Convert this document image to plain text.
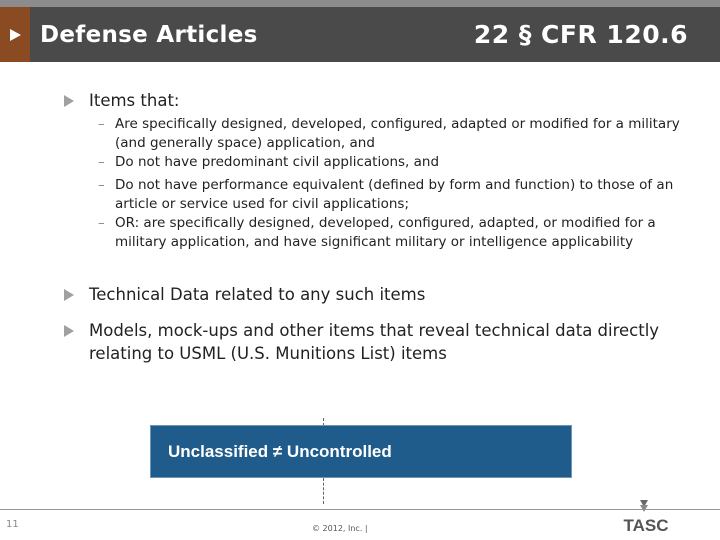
Defense Articles	22 § CFR 120.6
Items that:
– Are specifically designed, developed, configured, adapted or modified for a military (and generally space) application, and
– Do not have predominant civil applications, and
– Do not have performance equivalent (defined by form and function) to those of an article or service used for civil applications;
– OR: are specifically designed, developed, configured, adapted, or modified for a military application, and have significant military or intelligence applicability
Technical Data related to any such items
Models, mock-ups and other items that reveal technical data directly relating to USML (U.S. Munitions List) items
Unclassified ≠ Uncontrolled
11	© 2012, Inc. |	TASC
